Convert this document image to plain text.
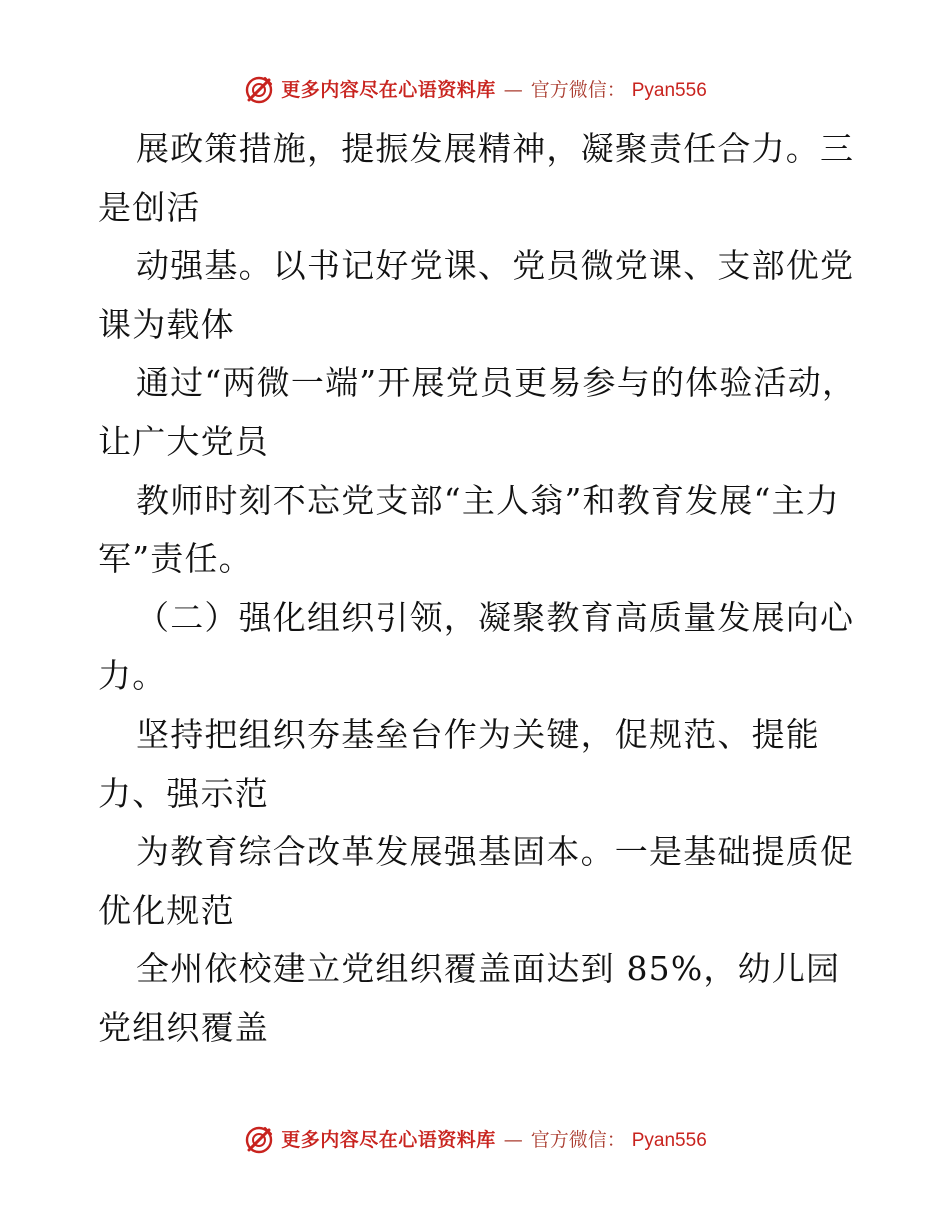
更多内容尽在心语资料库 — 官方微信： Pyan556

展政策措施，提振发展精神，凝聚责任合力。三是创活

动强基。以书记好党课、党员微党课、支部优党课为载体

通过“两微一端”开展党员更易参与的体验活动，让广大党员

教师时刻不忘党支部“主人翁”和教育发展“主力军”责任。

（二）强化组织引领，凝聚教育高质量发展向心力。

坚持把组织夯基垒台作为关键，促规范、提能力、强示范

为教育综合改革发展强基固本。一是基础提质促优化规范

全州依校建立党组织覆盖面达到 85%，幼儿园党组织覆盖

更多内容尽在心语资料库 — 官方微信： Pyan556
